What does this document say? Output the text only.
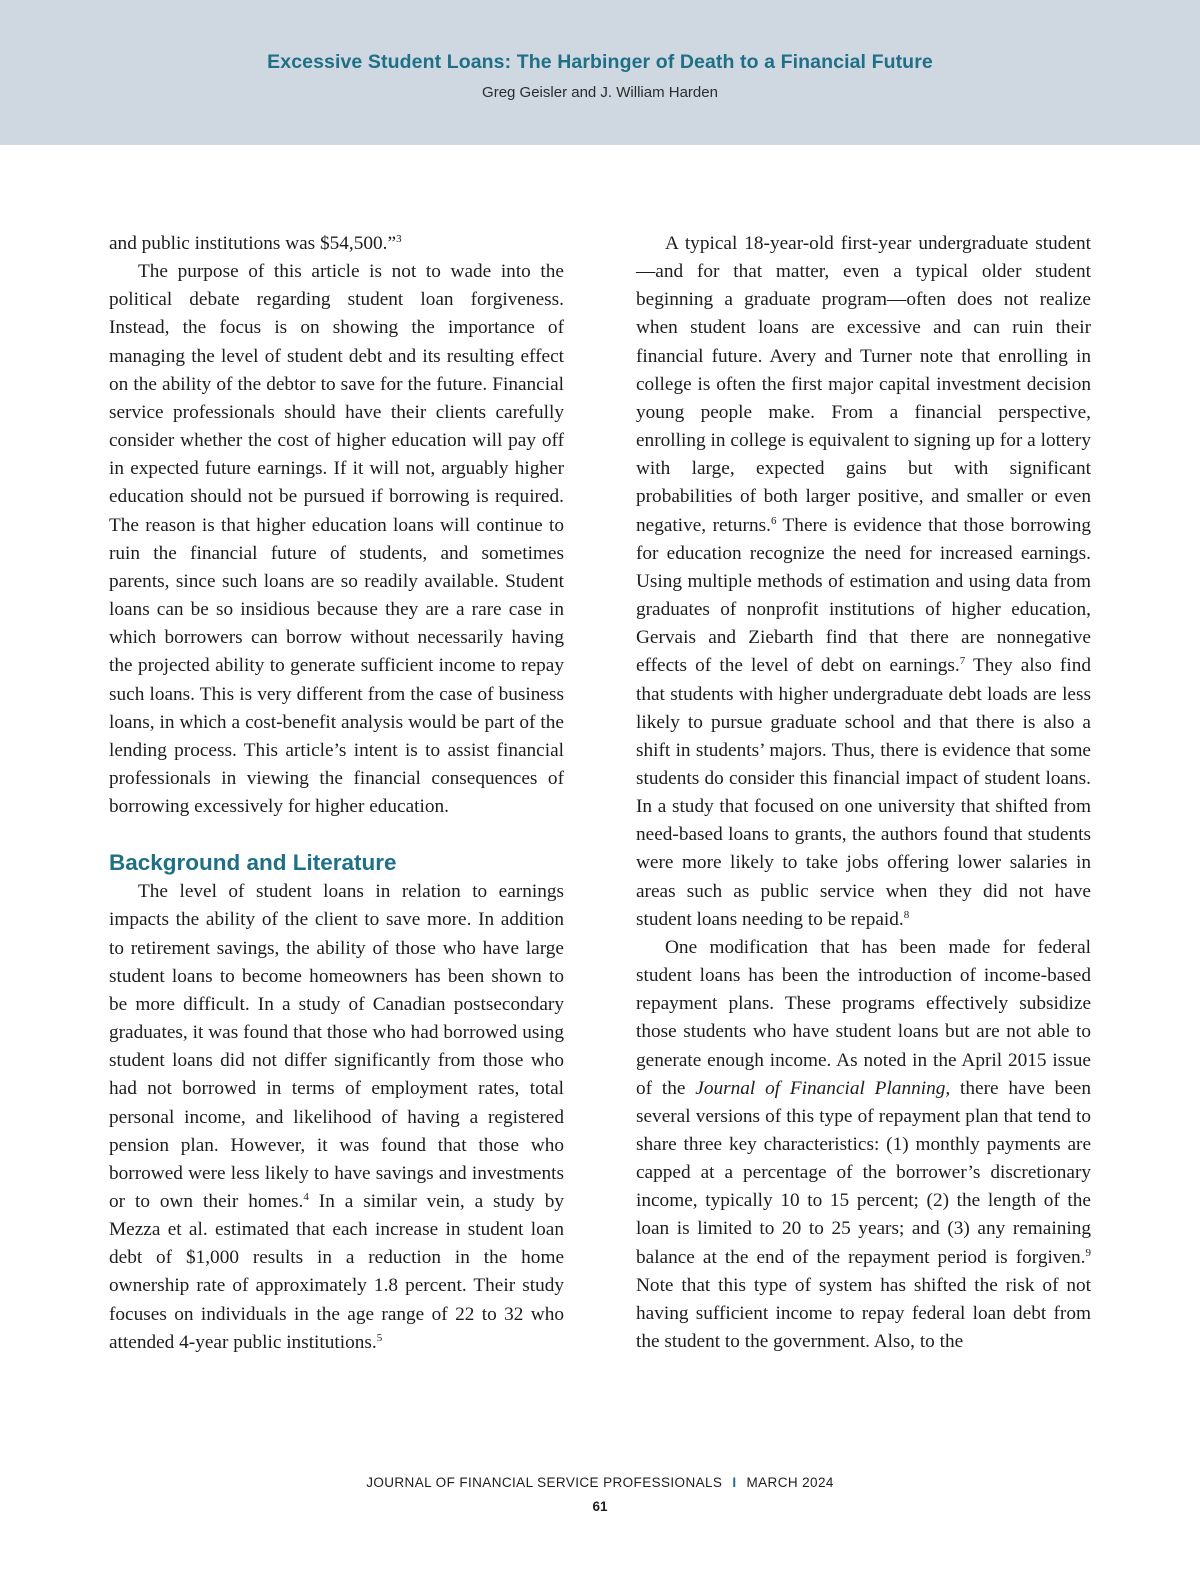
Excessive Student Loans: The Harbinger of Death to a Financial Future
Greg Geisler and J. William Harden

and public institutions was $54,500.”$^3$

The purpose of this article is not to wade into the political debate regarding student loan forgiveness. Instead, the focus is on showing the importance of managing the level of student debt and its resulting effect on the ability of the debtor to save for the future. Financial service professionals should have their clients carefully consider whether the cost of higher education will pay off in expected future earnings. If it will not, arguably higher education should not be pursued if borrowing is required. The reason is that higher education loans will continue to ruin the financial future of students, and sometimes parents, since such loans are so readily available. Student loans can be so insidious because they are a rare case in which borrowers can borrow without necessarily having the projected ability to generate sufficient income to repay such loans. This is very different from the case of business loans, in which a cost-benefit analysis would be part of the lending process. This article’s intent is to assist financial professionals in viewing the financial consequences of borrowing excessively for higher education.

Background and Literature

The level of student loans in relation to earnings impacts the ability of the client to save more. In addition to retirement savings, the ability of those who have large student loans to become homeowners has been shown to be more difficult. In a study of Canadian postsecondary graduates, it was found that those who had borrowed using student loans did not differ significantly from those who had not borrowed in terms of employment rates, total personal income, and likelihood of having a registered pension plan. However, it was found that those who borrowed were less likely to have savings and investments or to own their homes.$^4$ In a similar vein, a study by Mezza et al. estimated that each increase in student loan debt of $1,000 results in a reduction in the home ownership rate of approximately 1.8 percent. Their study focuses on individuals in the age range of 22 to 32 who attended 4-year public institutions.$^5$

A typical 18-year-old first-year undergraduate student—and for that matter, even a typical older student beginning a graduate program—often does not realize when student loans are excessive and can ruin their financial future. Avery and Turner note that enrolling in college is often the first major capital investment decision young people make. From a financial perspective, enrolling in college is equivalent to signing up for a lottery with large, expected gains but with significant probabilities of both larger positive, and smaller or even negative, returns.$^6$ There is evidence that those borrowing for education recognize the need for increased earnings. Using multiple methods of estimation and using data from graduates of nonprofit institutions of higher education, Gervais and Ziebarth find that there are nonnegative effects of the level of debt on earnings.$^7$ They also find that students with higher undergraduate debt loads are less likely to pursue graduate school and that there is also a shift in students’ majors. Thus, there is evidence that some students do consider this financial impact of student loans. In a study that focused on one university that shifted from need-based loans to grants, the authors found that students were more likely to take jobs offering lower salaries in areas such as public service when they did not have student loans needing to be repaid.$^8$

One modification that has been made for federal student loans has been the introduction of income-based repayment plans. These programs effectively subsidize those students who have student loans but are not able to generate enough income. As noted in the April 2015 issue of the Journal of Financial Planning, there have been several versions of this type of repayment plan that tend to share three key characteristics: (1) monthly payments are capped at a percentage of the borrower’s discretionary income, typically 10 to 15 percent; (2) the length of the loan is limited to 20 to 25 years; and (3) any remaining balance at the end of the repayment period is forgiven.$^9$ Note that this type of system has shifted the risk of not having sufficient income to repay federal loan debt from the student to the government. Also, to the

JOURNAL OF FINANCIAL SERVICE PROFESSIONALS I MARCH 2024
61
